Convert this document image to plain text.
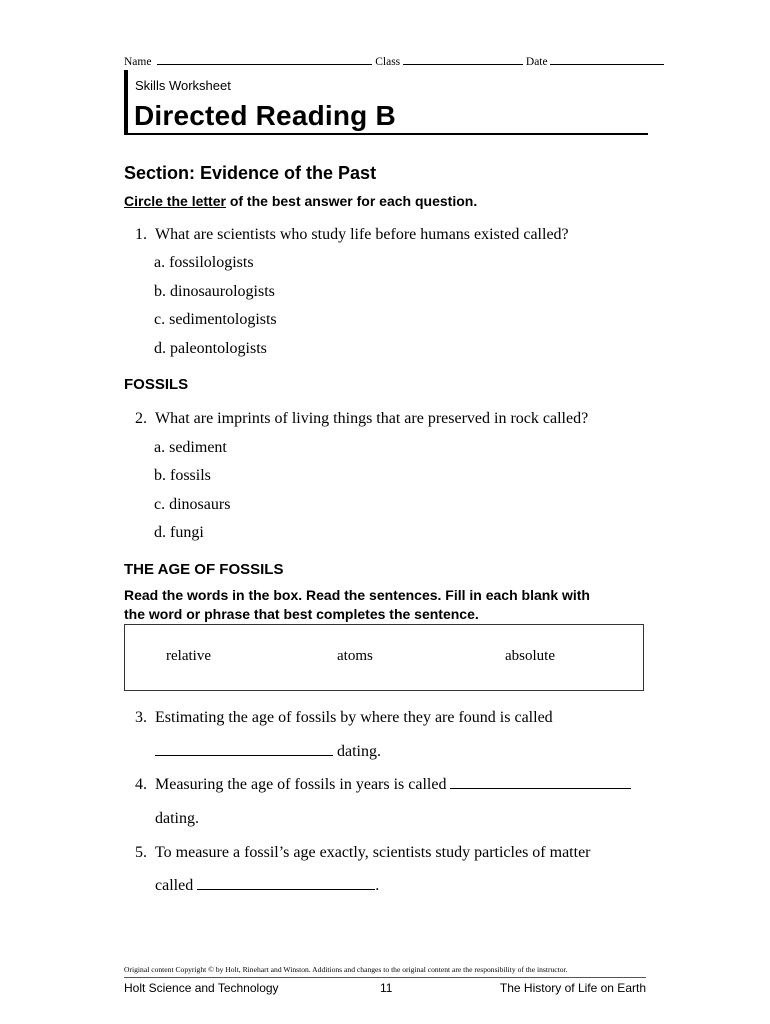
Name	Class	Date
Skills Worksheet
Directed Reading B
Section: Evidence of the Past
Circle the letter of the best answer for each question.
1. What are scientists who study life before humans existed called?
a. fossilologists
b. dinosaurologists
c. sedimentologists
d. paleontologists
FOSSILS
2. What are imprints of living things that are preserved in rock called?
a. sediment
b. fossils
c. dinosaurs
d. fungi
THE AGE OF FOSSILS
Read the words in the box. Read the sentences. Fill in each blank with
the word or phrase that best completes the sentence.
relative	atoms	absolute
3. Estimating the age of fossils by where they are found is called
dating.
4. Measuring the age of fossils in years is called
dating.
5. To measure a fossil’s age exactly, scientists study particles of matter
called	.
Original content Copyright © by Holt, Rinehart and Winston. Additions and changes to the original content are the responsibility of the instructor.
Holt Science and Technology	11	The History of Life on Earth
